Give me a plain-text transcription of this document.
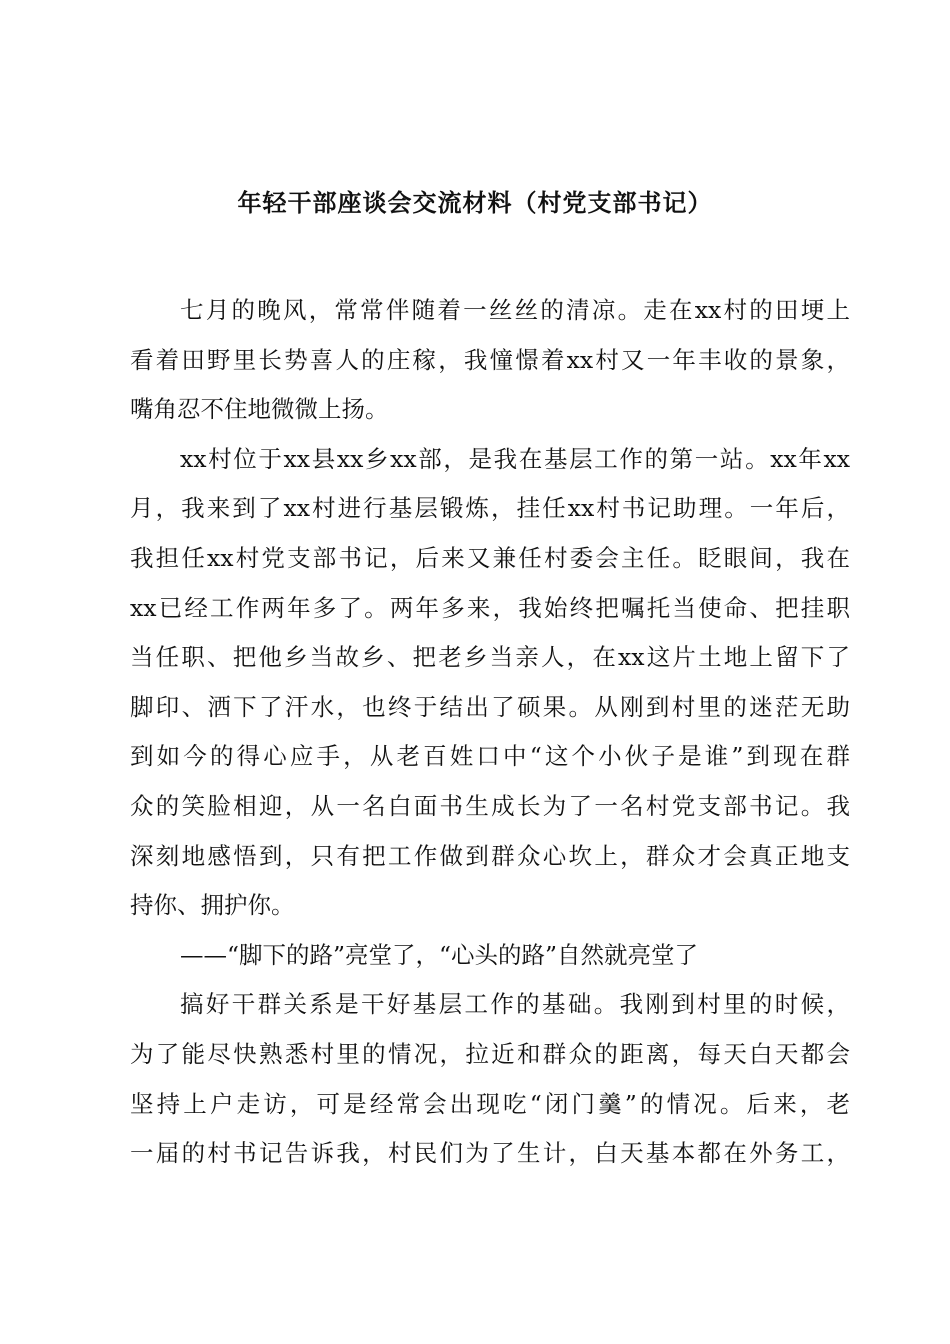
年轻干部座谈会交流材料（村党支部书记）
七月的晚风，常常伴随着一丝丝的清凉。走在xx村的田埂上
看着田野里长势喜人的庄稼，我憧憬着xx村又一年丰收的景象，
嘴角忍不住地微微上扬。
xx村位于xx县xx乡xx部，是我在基层工作的第一站。xx年xx
月，我来到了xx村进行基层锻炼，挂任xx村书记助理。一年后，
我担任xx村党支部书记，后来又兼任村委会主任。眨眼间，我在
xx已经工作两年多了。两年多来，我始终把嘱托当使命、把挂职
当任职、把他乡当故乡、把老乡当亲人，在xx这片土地上留下了
脚印、洒下了汗水，也终于结出了硕果。从刚到村里的迷茫无助
到如今的得心应手，从老百姓口中“这个小伙子是谁”到现在群
众的笑脸相迎，从一名白面书生成长为了一名村党支部书记。我
深刻地感悟到，只有把工作做到群众心坎上，群众才会真正地支
持你、拥护你。
——“脚下的路”亮堂了，“心头的路”自然就亮堂了
搞好干群关系是干好基层工作的基础。我刚到村里的时候，
为了能尽快熟悉村里的情况，拉近和群众的距离，每天白天都会
坚持上户走访，可是经常会出现吃“闭门羹”的情况。后来，老
一届的村书记告诉我，村民们为了生计，白天基本都在外务工，
